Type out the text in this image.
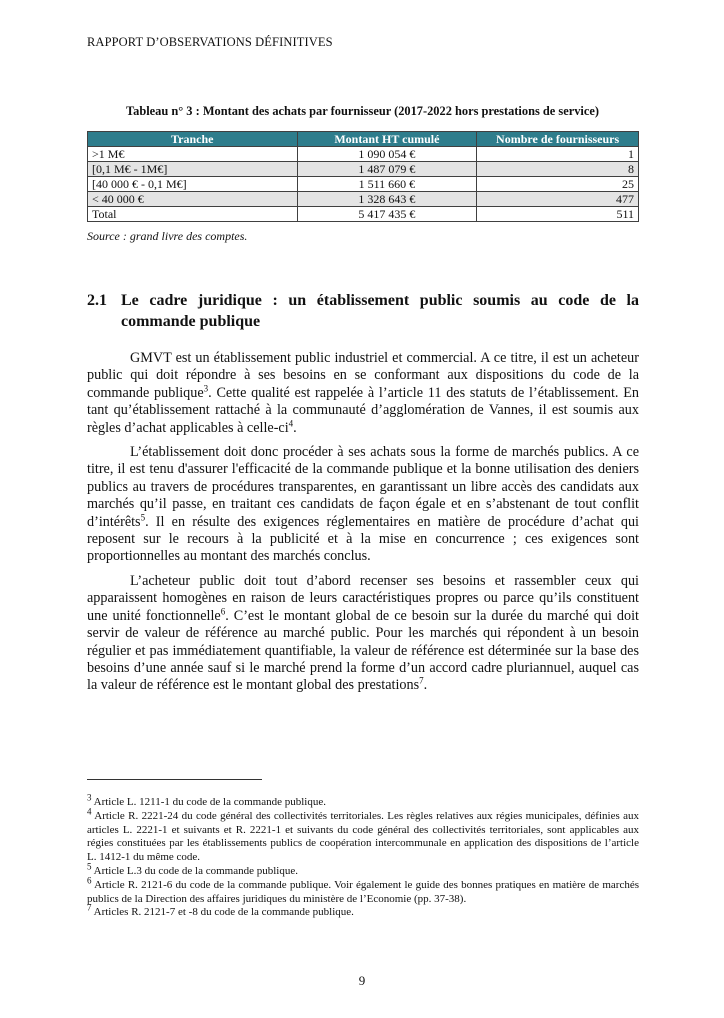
RAPPORT D’OBSERVATIONS DÉFINITIVES
Tableau n° 3 : Montant des achats par fournisseur (2017-2022 hors prestations de service)
Tranche	Montant HT cumulé	Nombre de fournisseurs
>1 M€	1 090 054 €	1
[0,1 M€ - 1M€]	1 487 079 €	8
[40 000 € - 0,1 M€]	1 511 660 €	25
< 40 000 €	1 328 643 €	477
Total	5 417 435 €	511
Source : grand livre des comptes.
2.1 Le cadre juridique : un établissement public soumis au code de la commande publique

GMVT est un établissement public industriel et commercial. A ce titre, il est un acheteur public qui doit répondre à ses besoins en se conformant aux dispositions du code de la commande publique$^3$. Cette qualité est rappelée à l’article 11 des statuts de l’établissement. En tant qu’établissement rattaché à la communauté d’agglomération de Vannes, il est soumis aux règles d’achat applicables à celle-$ci^4$.

L’établissement doit donc procéder à ses achats sous la forme de marchés publics. A ce titre, il est tenu d'assurer l'efficacité de la commande publique et la bonne utilisation des deniers publics au travers de procédures transparentes, en garantissant un libre accès des candidats aux marchés qu’il passe, en traitant ces candidats de façon égale et en s’abstenant de tout conflit d’intérêts$^5$. Il en résulte des exigences réglementaires en matière de procédure d’achat qui reposent sur le recours à la publicité et à la mise en concurrence ; ces exigences sont proportionnelles au montant des marchés conclus.

L’acheteur public doit tout d’abord recenser ses besoins et rassembler ceux qui apparaissent homogènes en raison de leurs caractéristiques propres ou parce qu’ils constituent une unité fonctionnelle$^6$. C’est le montant global de ce besoin sur la durée du marché qui doit servir de valeur de référence au marché public. Pour les marchés qui répondent à un besoin régulier et pas immédiatement quantifiable, la valeur de référence est déterminée sur la base des besoins d’une année sauf si le marché prend la forme d’un accord cadre pluriannuel, auquel cas la valeur de référence est le montant global des prestations$^7$.

$^3$ Article L. 1211-1 du code de la commande publique.
$^4$ Article R. 2221-24 du code général des collectivités territoriales. Les règles relatives aux régies municipales, définies aux articles L. 2221-1 et suivants et R. 2221-1 et suivants du code général des collectivités territoriales, sont applicables aux régies constituées par les établissements publics de coopération intercommunale en application des dispositions de l’article L. 1412-1 du même code.
$^5$ Article L.3 du code de la commande publique.
$^6$ Article R. 2121-6 du code de la commande publique. Voir également le guide des bonnes pratiques en matière de marchés publics de la Direction des affaires juridiques du ministère de l’Economie (pp. 37-38).
$^7$ Articles R. 2121-7 et -8 du code de la commande publique.
9
